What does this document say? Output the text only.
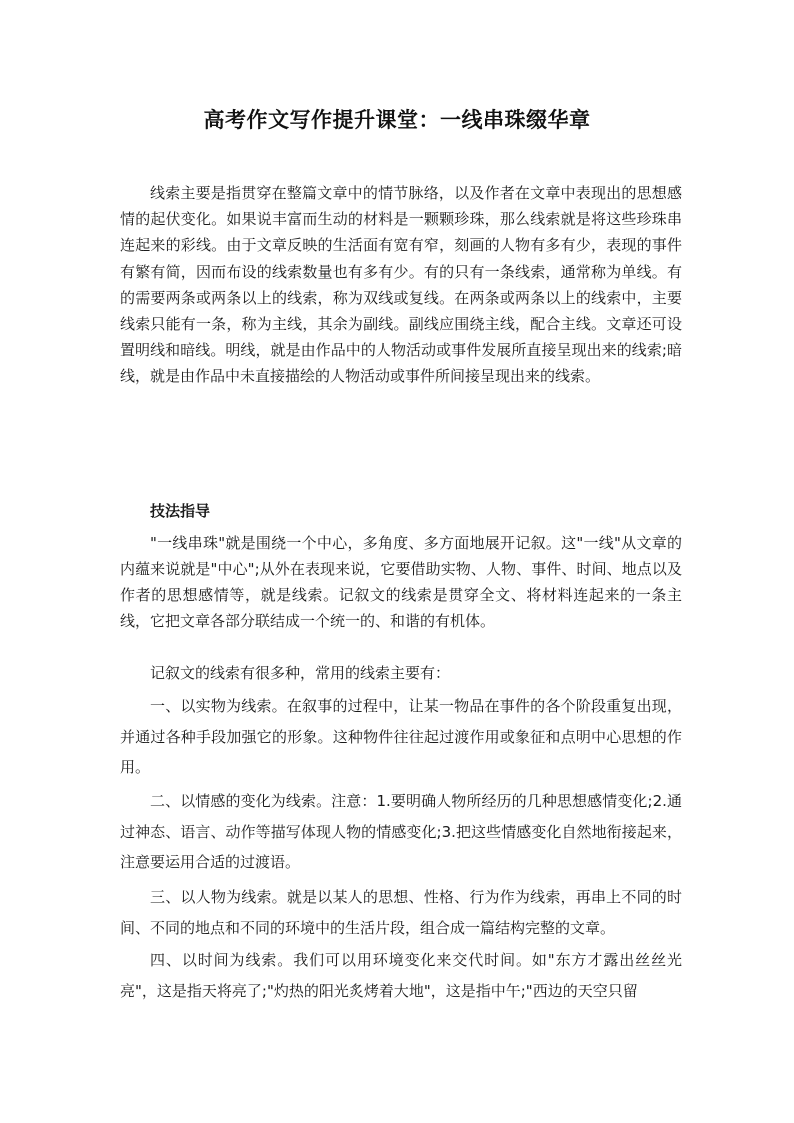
高考作文写作提升课堂：一线串珠缀华章

线索主要是指贯穿在整篇文章中的情节脉络，以及作者在文章中表现出的思想感情的起伏变化。如果说丰富而生动的材料是一颗颗珍珠，那么线索就是将这些珍珠串连起来的彩线。由于文章反映的生活面有宽有窄，刻画的人物有多有少，表现的事件有繁有简，因而布设的线索数量也有多有少。有的只有一条线索，通常称为单线。有的需要两条或两条以上的线索，称为双线或复线。在两条或两条以上的线索中，主要线索只能有一条，称为主线，其余为副线。副线应围绕主线，配合主线。文章还可设置明线和暗线。明线，就是由作品中的人物活动或事件发展所直接呈现出来的线索;暗线，就是由作品中未直接描绘的人物活动或事件所间接呈现出来的线索。

技法指导

"一线串珠"就是围绕一个中心，多角度、多方面地展开记叙。这"一线"从文章的内蕴来说就是"中心";从外在表现来说，它要借助实物、人物、事件、时间、地点以及作者的思想感情等，就是线索。记叙文的线索是贯穿全文、将材料连起来的一条主线，它把文章各部分联结成一个统一的、和谐的有机体。

记叙文的线索有很多种，常用的线索主要有：

一、以实物为线索。在叙事的过程中，让某一物品在事件的各个阶段重复出现，并通过各种手段加强它的形象。这种物件往往起过渡作用或象征和点明中心思想的作用。

二、以情感的变化为线索。注意：1.要明确人物所经历的几种思想感情变化;2.通过神态、语言、动作等描写体现人物的情感变化;3.把这些情感变化自然地衔接起来，注意要运用合适的过渡语。

三、以人物为线索。就是以某人的思想、性格、行为作为线索，再串上不同的时间、不同的地点和不同的环境中的生活片段，组合成一篇结构完整的文章。

四、以时间为线索。我们可以用环境变化来交代时间。如"东方才露出丝丝光亮"，这是指天将亮了;"灼热的阳光炙烤着大地"，这是指中午;"西边的天空只留
